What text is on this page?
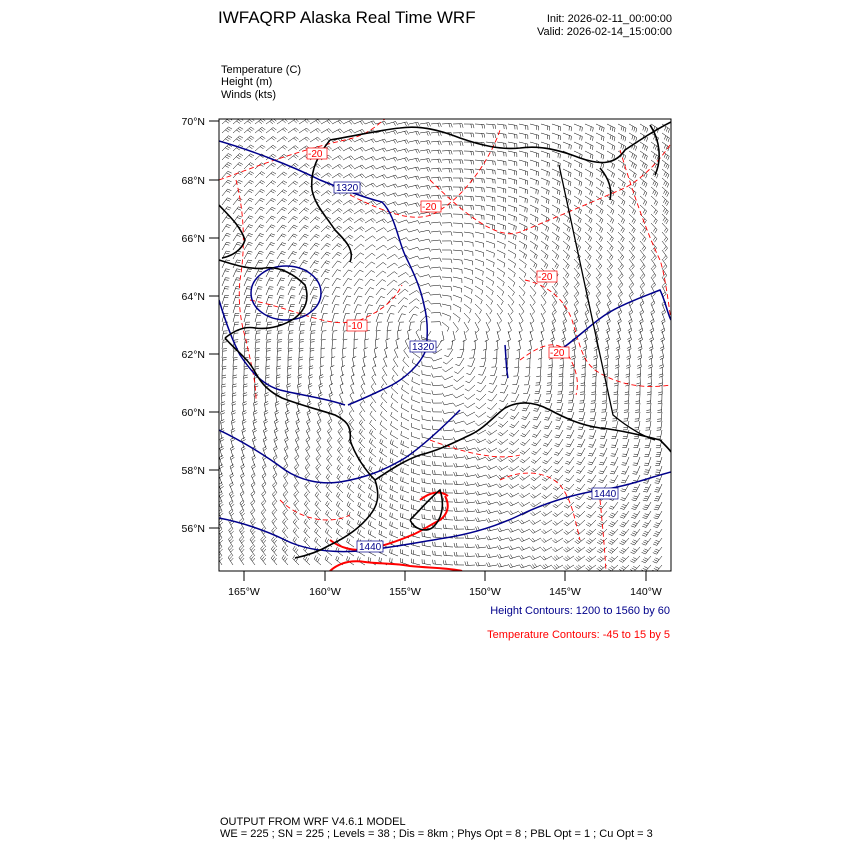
IWFAQRP Alaska Real Time WRF	Init: 2026-02-11_00:00:00
Valid: 2026-02-14_15:00:00
Temperature (C)
Height (m)
Winds (kts)
1320
1320
1440
1440
-20
-20
-20
-10
-20
70°N
68°N
66°N
64°N
62°N
60°N
58°N
56°N
165°W	160°W	155°W	150°W	145°W	140°W
Height Contours: 1200 to 1560 by 60
Temperature Contours: -45 to 15 by 5
OUTPUT FROM WRF V4.6.1 MODEL
WE = 225 ; SN = 225 ; Levels = 38 ; Dis = 8km ; Phys Opt = 8 ; PBL Opt = 1 ; Cu Opt = 3
